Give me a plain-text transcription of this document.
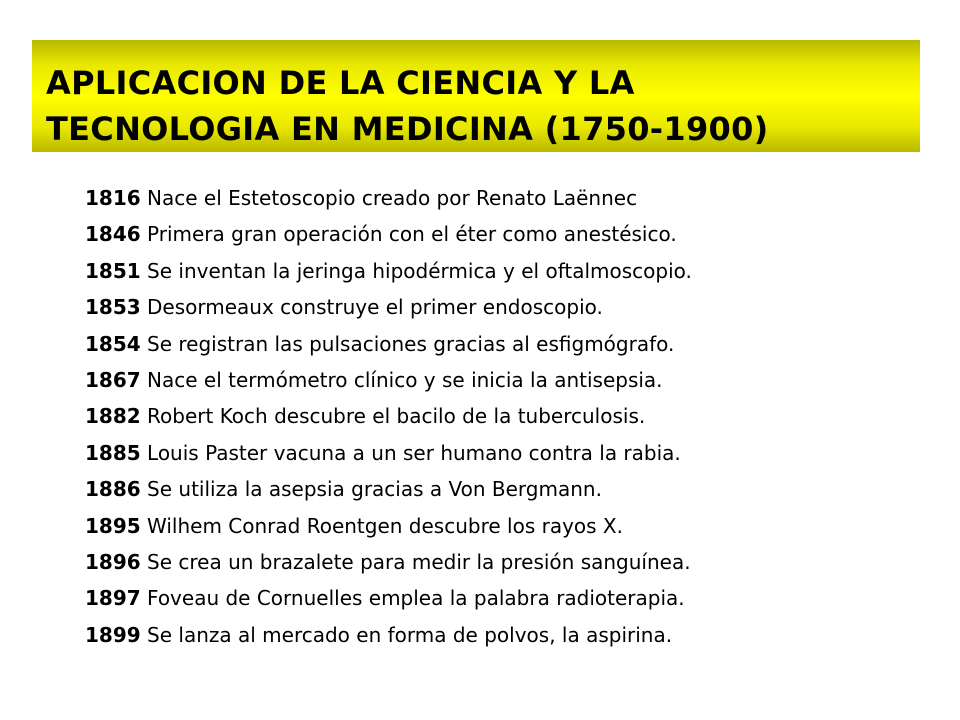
APLICACION DE LA CIENCIA Y LA
TECNOLOGIA EN MEDICINA (1750-1900)
1816 Nace el Estetoscopio creado por Renato Laënnec
1846 Primera gran operación con el éter como anestésico.
1851 Se inventan la jeringa hipodérmica y el oftalmoscopio.
1853 Desormeaux construye el primer endoscopio.
1854 Se registran las pulsaciones gracias al esfigmógrafo.
1867 Nace el termómetro clínico y se inicia la antisepsia.
1882 Robert Koch descubre el bacilo de la tuberculosis.
1885 Louis Paster vacuna a un ser humano contra la rabia.
1886 Se utiliza la asepsia gracias a Von Bergmann.
1895 Wilhem Conrad Roentgen descubre los rayos X.
1896 Se crea un brazalete para medir la presión sanguínea.
1897 Foveau de Cornuelles emplea la palabra radioterapia.
1899 Se lanza al mercado en forma de polvos, la aspirina.
